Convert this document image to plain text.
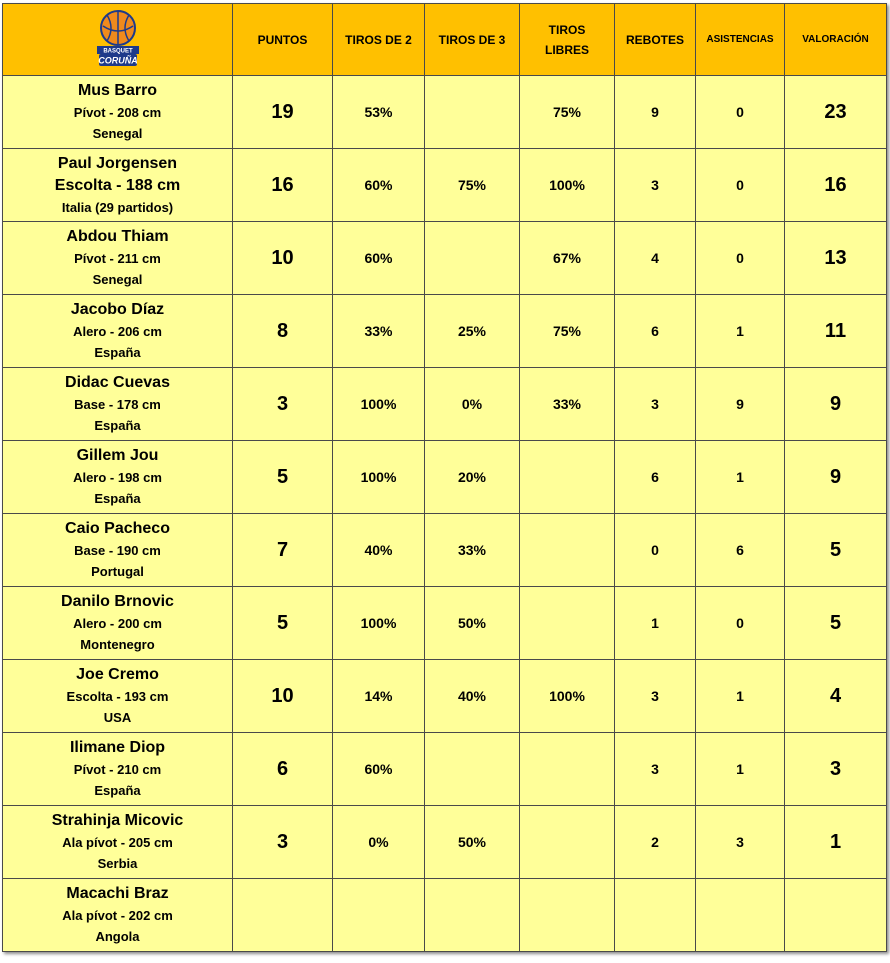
BASQUET
CORUÑA	PUNTOS	TIROS DE 2	TIROS DE 3	TIROS LIBRES	REBOTES	ASISTENCIAS	VALORACIÓN

Mus Barro
Pívot - 208 cm
Senegal	19	53%		75%	9	0	23

Paul Jorgensen
Escolta - 188 cm
Italia (29 partidos)	16	60%	75%	100%	3	0	16

Abdou Thiam
Pívot - 211 cm
Senegal	10	60%		67%	4	0	13

Jacobo Díaz
Alero - 206 cm
España	8	33%	25%	75%	6	1	11

Didac Cuevas
Base - 178 cm
España	3	100%	0%	33%	3	9	9

Gillem Jou
Alero - 198 cm
España	5	100%	20%		6	1	9

Caio Pacheco
Base - 190 cm
Portugal	7	40%	33%		0	6	5

Danilo Brnovic
Alero - 200 cm
Montenegro	5	100%	50%		1	0	5

Joe Cremo
Escolta - 193 cm
USA	10	14%	40%	100%	3	1	4

Ilimane Diop
Pívot - 210 cm
España	6	60%			3	1	3

Strahinja Micovic
Ala pívot - 205 cm
Serbia	3	0%	50%		2	3	1

Macachi Braz
Ala pívot - 202 cm
Angola							
